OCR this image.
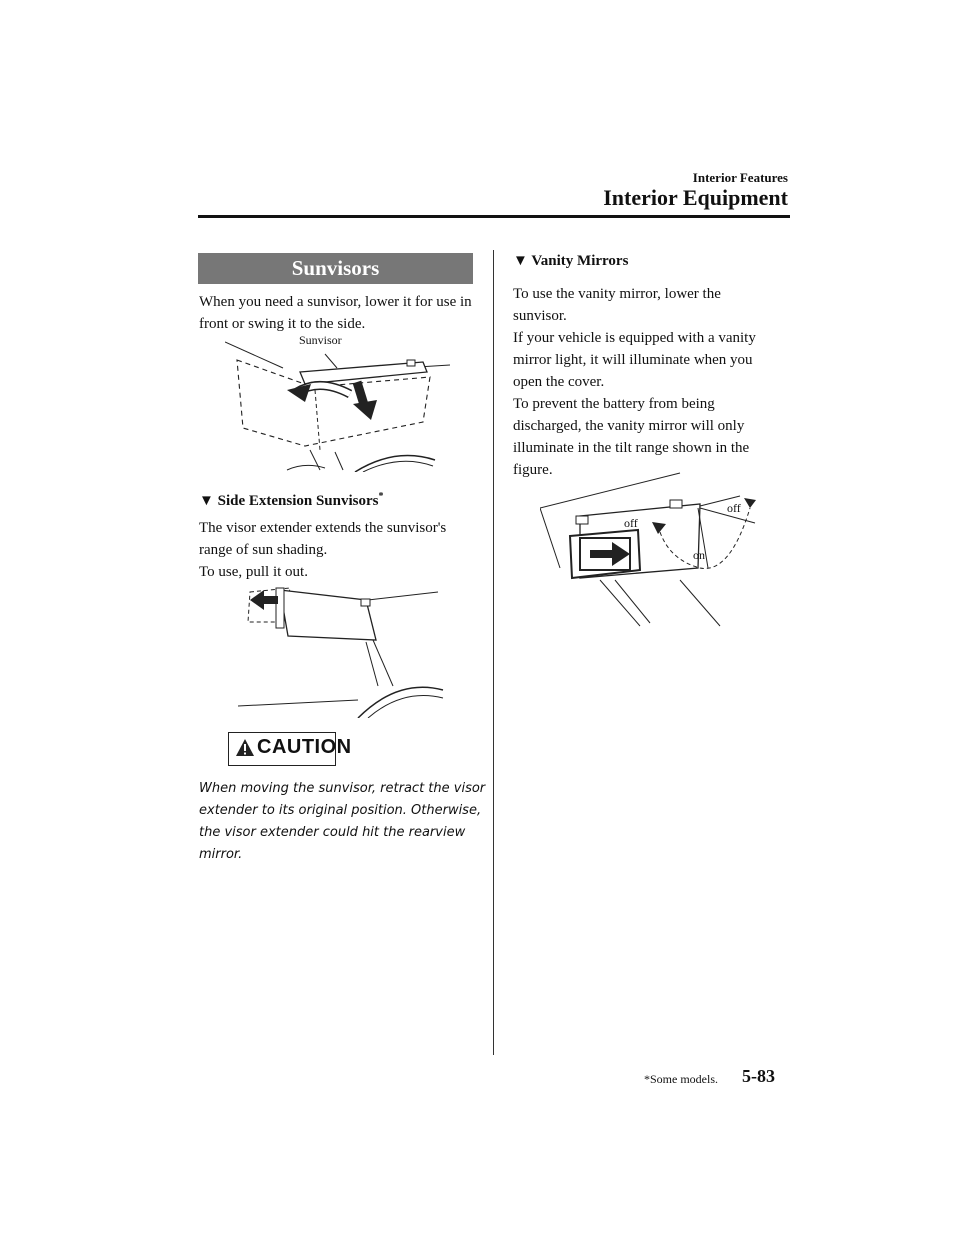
Interior Features
Interior Equipment
Sunvisors
When you need a sunvisor, lower it for use in front or swing it to the side.
Sunvisor
▼ Side Extension Sunvisors*
The visor extender extends the sunvisor's
range of sun shading.
To use, pull it out.
CAUTION
When moving the sunvisor, retract the visor extender to its original position. Otherwise, the visor extender could hit the rearview mirror.
▼ Vanity Mirrors
To use the vanity mirror, lower the
sunvisor.
If your vehicle is equipped with a vanity
mirror light, it will illuminate when you
open the cover.
To prevent the battery from being
discharged, the vanity mirror will only
illuminate in the tilt range shown in the
figure.
off
off
on
*Some models. 5-83
